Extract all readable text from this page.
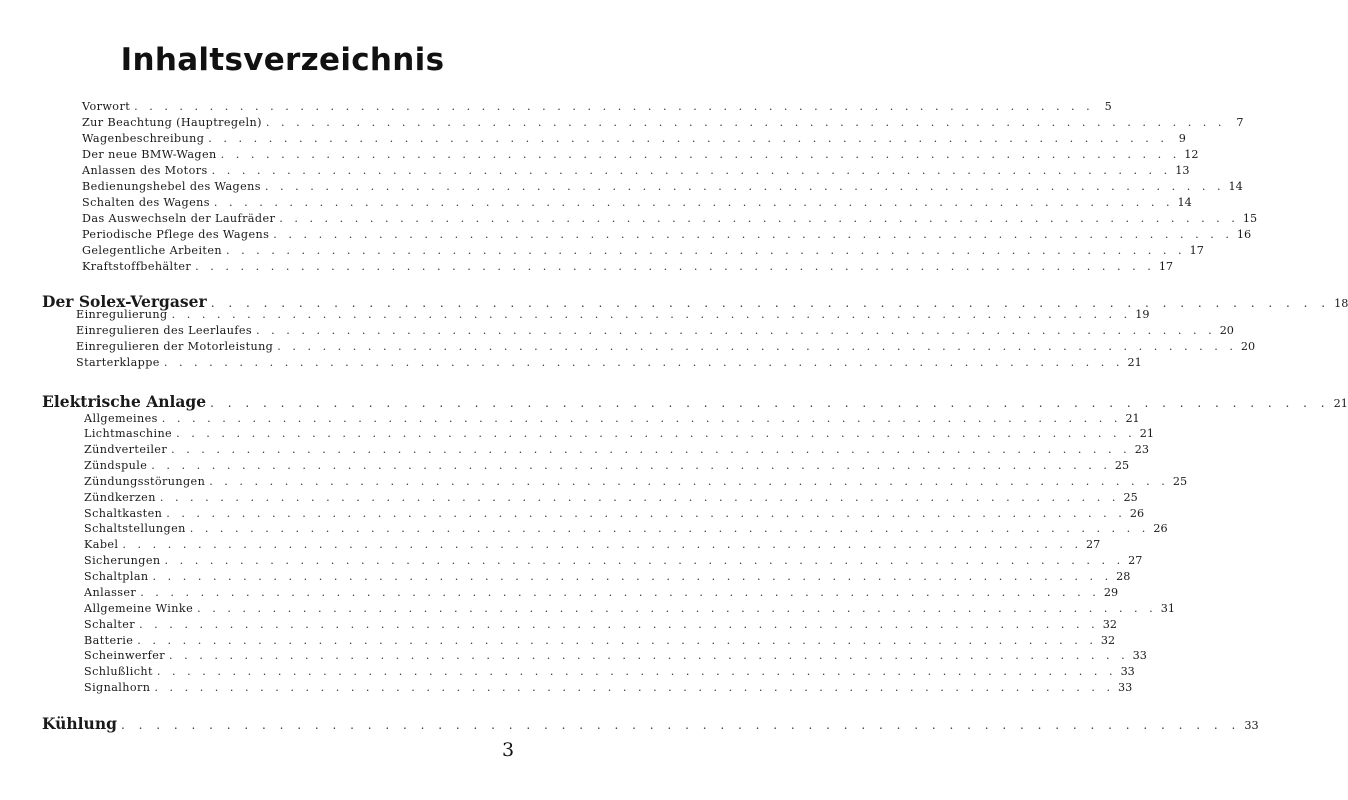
Inhaltsverzeichnis
Vorwort . . . . . . . . . . . . . . . . . . . . . . . . . . . . . . . . . . . . . . . . . . . . . . . . . . . . . . . . . . . . . . . . 5
Zur Beachtung (Hauptregeln) . . . . . . . . . . . . . . . . . . . . . . . . . . . . . . . . . . . . . . . . . . . . . . . . . . . . . . . . . . . . . . . . 7
Wagenbeschreibung . . . . . . . . . . . . . . . . . . . . . . . . . . . . . . . . . . . . . . . . . . . . . . . . . . . . . . . . . . . . . . . . 9
Der neue BMW-Wagen . . . . . . . . . . . . . . . . . . . . . . . . . . . . . . . . . . . . . . . . . . . . . . . . . . . . . . . . . . . . . . . . 12
Anlassen des Motors . . . . . . . . . . . . . . . . . . . . . . . . . . . . . . . . . . . . . . . . . . . . . . . . . . . . . . . . . . . . . . . . 13
Bedienungshebel des Wagens . . . . . . . . . . . . . . . . . . . . . . . . . . . . . . . . . . . . . . . . . . . . . . . . . . . . . . . . . . . . . . . . 14
Schalten des Wagens . . . . . . . . . . . . . . . . . . . . . . . . . . . . . . . . . . . . . . . . . . . . . . . . . . . . . . . . . . . . . . . . 14
Das Auswechseln der Laufräder . . . . . . . . . . . . . . . . . . . . . . . . . . . . . . . . . . . . . . . . . . . . . . . . . . . . . . . . . . . . . . . . 15
Periodische Pflege des Wagens . . . . . . . . . . . . . . . . . . . . . . . . . . . . . . . . . . . . . . . . . . . . . . . . . . . . . . . . . . . . . . . . 16
Gelegentliche Arbeiten . . . . . . . . . . . . . . . . . . . . . . . . . . . . . . . . . . . . . . . . . . . . . . . . . . . . . . . . . . . . . . . . 17
Kraftstoffbehälter . . . . . . . . . . . . . . . . . . . . . . . . . . . . . . . . . . . . . . . . . . . . . . . . . . . . . . . . . . . . . . . . 17
Der Solex-Vergaser . . . . . . . . . . . . . . . . . . . . . . . . . . . . . . . . . . . . . . . . . . . . . . . . . . . . . . . . . . . . . . . . 18
Einregulierung . . . . . . . . . . . . . . . . . . . . . . . . . . . . . . . . . . . . . . . . . . . . . . . . . . . . . . . . . . . . . . . . 19
Einregulieren des Leerlaufes . . . . . . . . . . . . . . . . . . . . . . . . . . . . . . . . . . . . . . . . . . . . . . . . . . . . . . . . . . . . . . . . 20
Einregulieren der Motorleistung . . . . . . . . . . . . . . . . . . . . . . . . . . . . . . . . . . . . . . . . . . . . . . . . . . . . . . . . . . . . . . . . 20
Starterklappe . . . . . . . . . . . . . . . . . . . . . . . . . . . . . . . . . . . . . . . . . . . . . . . . . . . . . . . . . . . . . . . . 21
Elektrische Anlage . . . . . . . . . . . . . . . . . . . . . . . . . . . . . . . . . . . . . . . . . . . . . . . . . . . . . . . . . . . . . . . . 21
Allgemeines . . . . . . . . . . . . . . . . . . . . . . . . . . . . . . . . . . . . . . . . . . . . . . . . . . . . . . . . . . . . . . . . 21
Lichtmaschine . . . . . . . . . . . . . . . . . . . . . . . . . . . . . . . . . . . . . . . . . . . . . . . . . . . . . . . . . . . . . . . . 21
Zündverteiler . . . . . . . . . . . . . . . . . . . . . . . . . . . . . . . . . . . . . . . . . . . . . . . . . . . . . . . . . . . . . . . . 23
Zündspule . . . . . . . . . . . . . . . . . . . . . . . . . . . . . . . . . . . . . . . . . . . . . . . . . . . . . . . . . . . . . . . . 25
Zündungsstörungen . . . . . . . . . . . . . . . . . . . . . . . . . . . . . . . . . . . . . . . . . . . . . . . . . . . . . . . . . . . . . . . . 25
Zündkerzen . . . . . . . . . . . . . . . . . . . . . . . . . . . . . . . . . . . . . . . . . . . . . . . . . . . . . . . . . . . . . . . . 25
Schaltkasten . . . . . . . . . . . . . . . . . . . . . . . . . . . . . . . . . . . . . . . . . . . . . . . . . . . . . . . . . . . . . . . . 26
Schaltstellungen . . . . . . . . . . . . . . . . . . . . . . . . . . . . . . . . . . . . . . . . . . . . . . . . . . . . . . . . . . . . . . . . 26
Kabel . . . . . . . . . . . . . . . . . . . . . . . . . . . . . . . . . . . . . . . . . . . . . . . . . . . . . . . . . . . . . . . . 27
Sicherungen . . . . . . . . . . . . . . . . . . . . . . . . . . . . . . . . . . . . . . . . . . . . . . . . . . . . . . . . . . . . . . . . 27
Schaltplan . . . . . . . . . . . . . . . . . . . . . . . . . . . . . . . . . . . . . . . . . . . . . . . . . . . . . . . . . . . . . . . . 28
Anlasser . . . . . . . . . . . . . . . . . . . . . . . . . . . . . . . . . . . . . . . . . . . . . . . . . . . . . . . . . . . . . . . . 29
Allgemeine Winke . . . . . . . . . . . . . . . . . . . . . . . . . . . . . . . . . . . . . . . . . . . . . . . . . . . . . . . . . . . . . . . . 31
Schalter . . . . . . . . . . . . . . . . . . . . . . . . . . . . . . . . . . . . . . . . . . . . . . . . . . . . . . . . . . . . . . . . 32
Batterie . . . . . . . . . . . . . . . . . . . . . . . . . . . . . . . . . . . . . . . . . . . . . . . . . . . . . . . . . . . . . . . . 32
Scheinwerfer . . . . . . . . . . . . . . . . . . . . . . . . . . . . . . . . . . . . . . . . . . . . . . . . . . . . . . . . . . . . . . . . 33
Schlußlicht . . . . . . . . . . . . . . . . . . . . . . . . . . . . . . . . . . . . . . . . . . . . . . . . . . . . . . . . . . . . . . . . 33
Signalhorn . . . . . . . . . . . . . . . . . . . . . . . . . . . . . . . . . . . . . . . . . . . . . . . . . . . . . . . . . . . . . . . . 33
Kühlung . . . . . . . . . . . . . . . . . . . . . . . . . . . . . . . . . . . . . . . . . . . . . . . . . . . . . . . . . . . . . . . . 33
3
